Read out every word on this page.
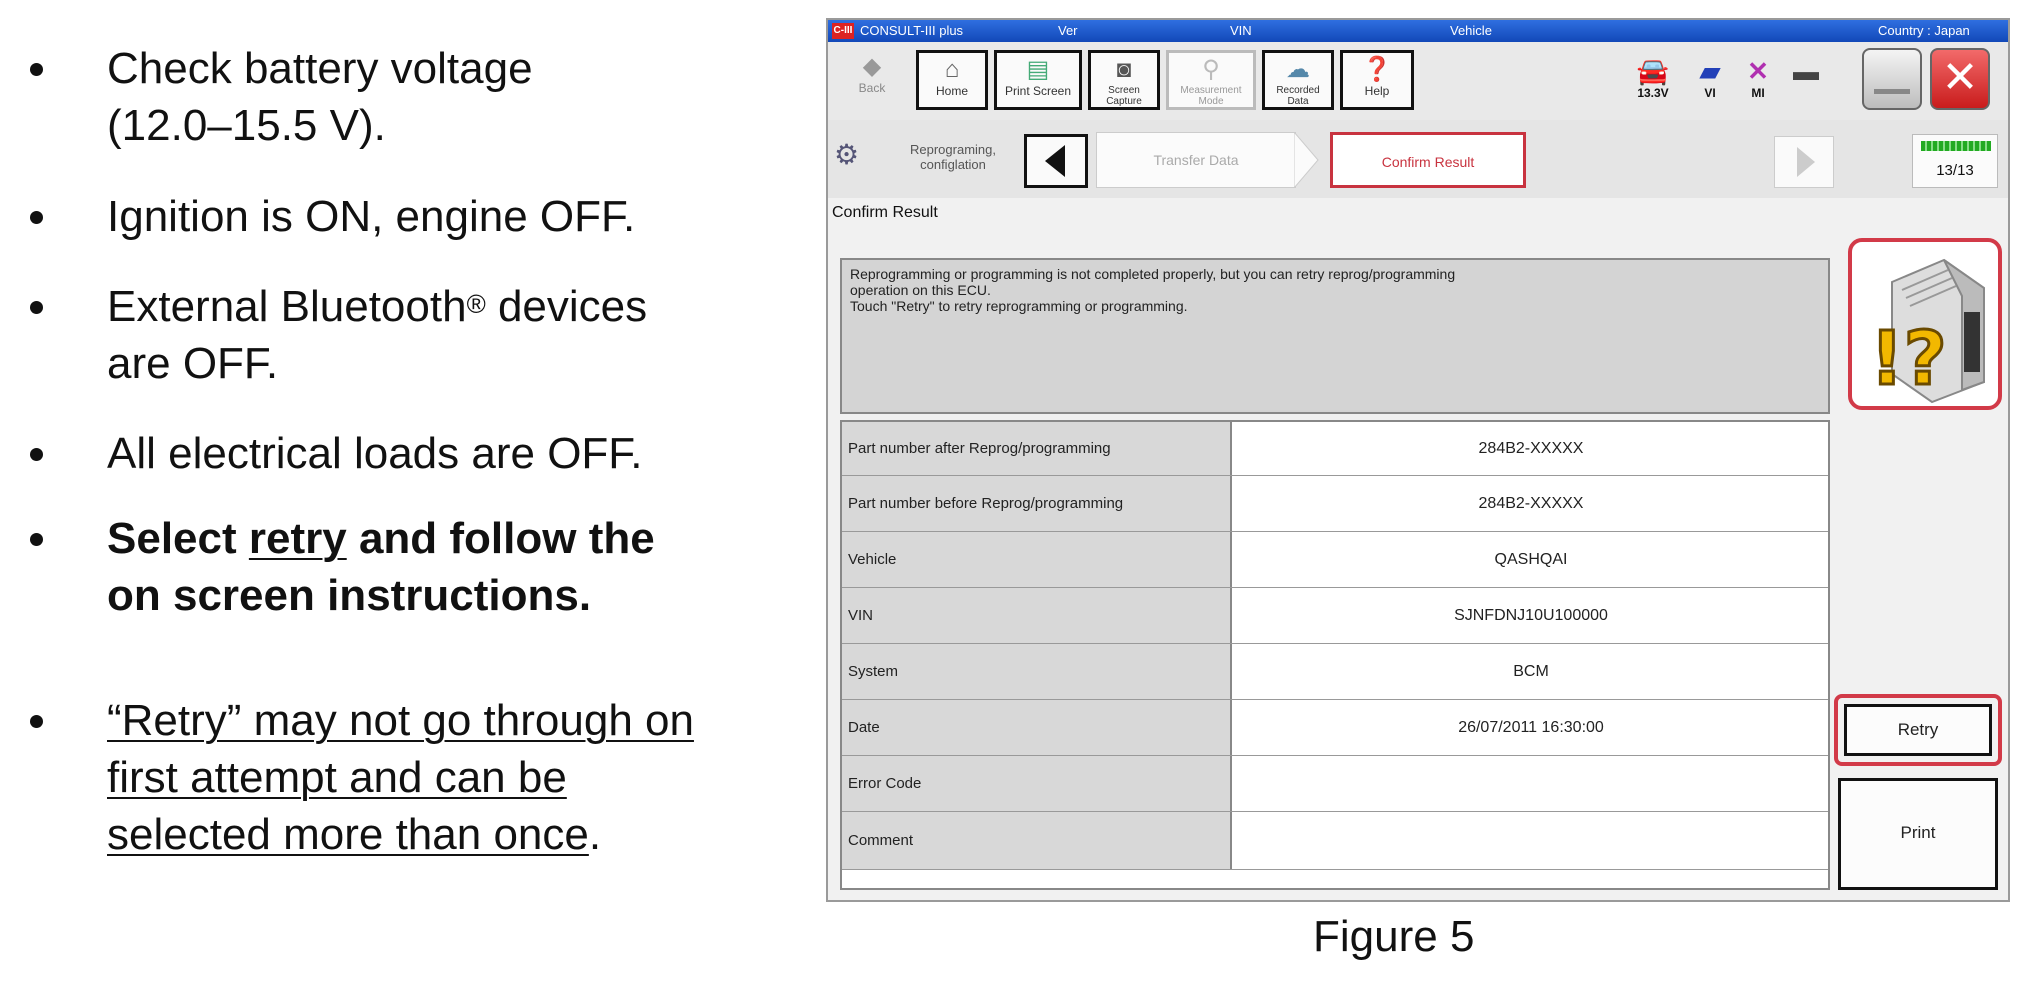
Check battery voltage
(12.0–15.5 V).
Ignition is ON, engine OFF.
External Bluetooth® devices
are OFF.
All electrical loads are OFF.
Select retry and follow the
on screen instructions.
“Retry” may not go through on
first attempt and can be
selected more than once.
C-III CONSULT-III plus	Ver	VIN	Vehicle	Country : Japan
◆
Back
⌂
Home
▤
Print Screen
◙
Screen Capture
⚲
Measurement Mode
☁
Recorded Data
❓
Help
🚘
13.3V
▰
VI
✕
MI
▬	✕
⚙	Reprograming, configlation	Transfer Data	Confirm Result	13/13
Confirm Result
Reprogramming or programming is not completed properly, but you can retry reprog/programming
operation on this ECU.
Touch "Retry" to retry reprogramming or programming.
!?
Part number after Reprog/programming	284B2-XXXXX
Part number before Reprog/programming	284B2-XXXXX
Vehicle	QASHQAI
VIN	SJNFDNJ10U100000
System	BCM
Date	26/07/2011 16:30:00
Error Code
Comment
Retry
Print
Figure 5
